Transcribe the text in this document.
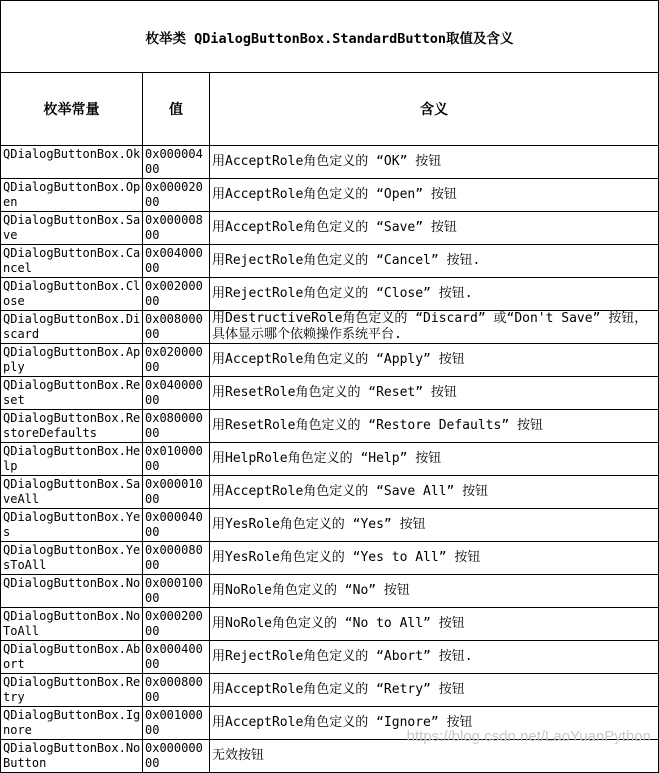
枚举类 QDialogButtonBox.StandardButton取值及含义		
枚举常量	值	含义
QDialogButtonBox.Ok	0x00000400	用AcceptRole角色定义的 “OK” 按钮
QDialogButtonBox.Open	0x00002000	用AcceptRole角色定义的 “Open” 按钮
QDialogButtonBox.Save	0x00000800	用AcceptRole角色定义的 “Save” 按钮
QDialogButtonBox.Cancel	0x00400000	用RejectRole角色定义的 “Cancel” 按钮.
QDialogButtonBox.Close	0x00200000	用RejectRole角色定义的 “Close” 按钮.
QDialogButtonBox.Discard	0x00800000	用DestructiveRole角色定义的 “Discard” 或“Don't Save” 按钮，具体显示哪个依赖操作系统平台.
QDialogButtonBox.Apply	0x02000000	用AcceptRole角色定义的 “Apply” 按钮
QDialogButtonBox.Reset	0x04000000	用ResetRole角色定义的 “Reset” 按钮
QDialogButtonBox.RestoreDefaults	0x08000000	用ResetRole角色定义的 “Restore Defaults” 按钮
QDialogButtonBox.Help	0x01000000	用HelpRole角色定义的 “Help” 按钮
QDialogButtonBox.SaveAll	0x00001000	用AcceptRole角色定义的 “Save All” 按钮
QDialogButtonBox.Yes	0x00004000	用YesRole角色定义的 “Yes” 按钮
QDialogButtonBox.YesToAll	0x00008000	用YesRole角色定义的 “Yes to All” 按钮
QDialogButtonBox.No	0x00010000	用NoRole角色定义的 “No” 按钮
QDialogButtonBox.NoToAll	0x00020000	用NoRole角色定义的 “No to All” 按钮
QDialogButtonBox.Abort	0x00040000	用RejectRole角色定义的 “Abort” 按钮.
QDialogButtonBox.Retry	0x00080000	用AcceptRole角色定义的 “Retry” 按钮
QDialogButtonBox.Ignore	0x00100000	用AcceptRole角色定义的 “Ignore” 按钮
QDialogButtonBox.NoButton	0x00000000	无效按钮
https://blog.csdn.net/LaoYuanPython
